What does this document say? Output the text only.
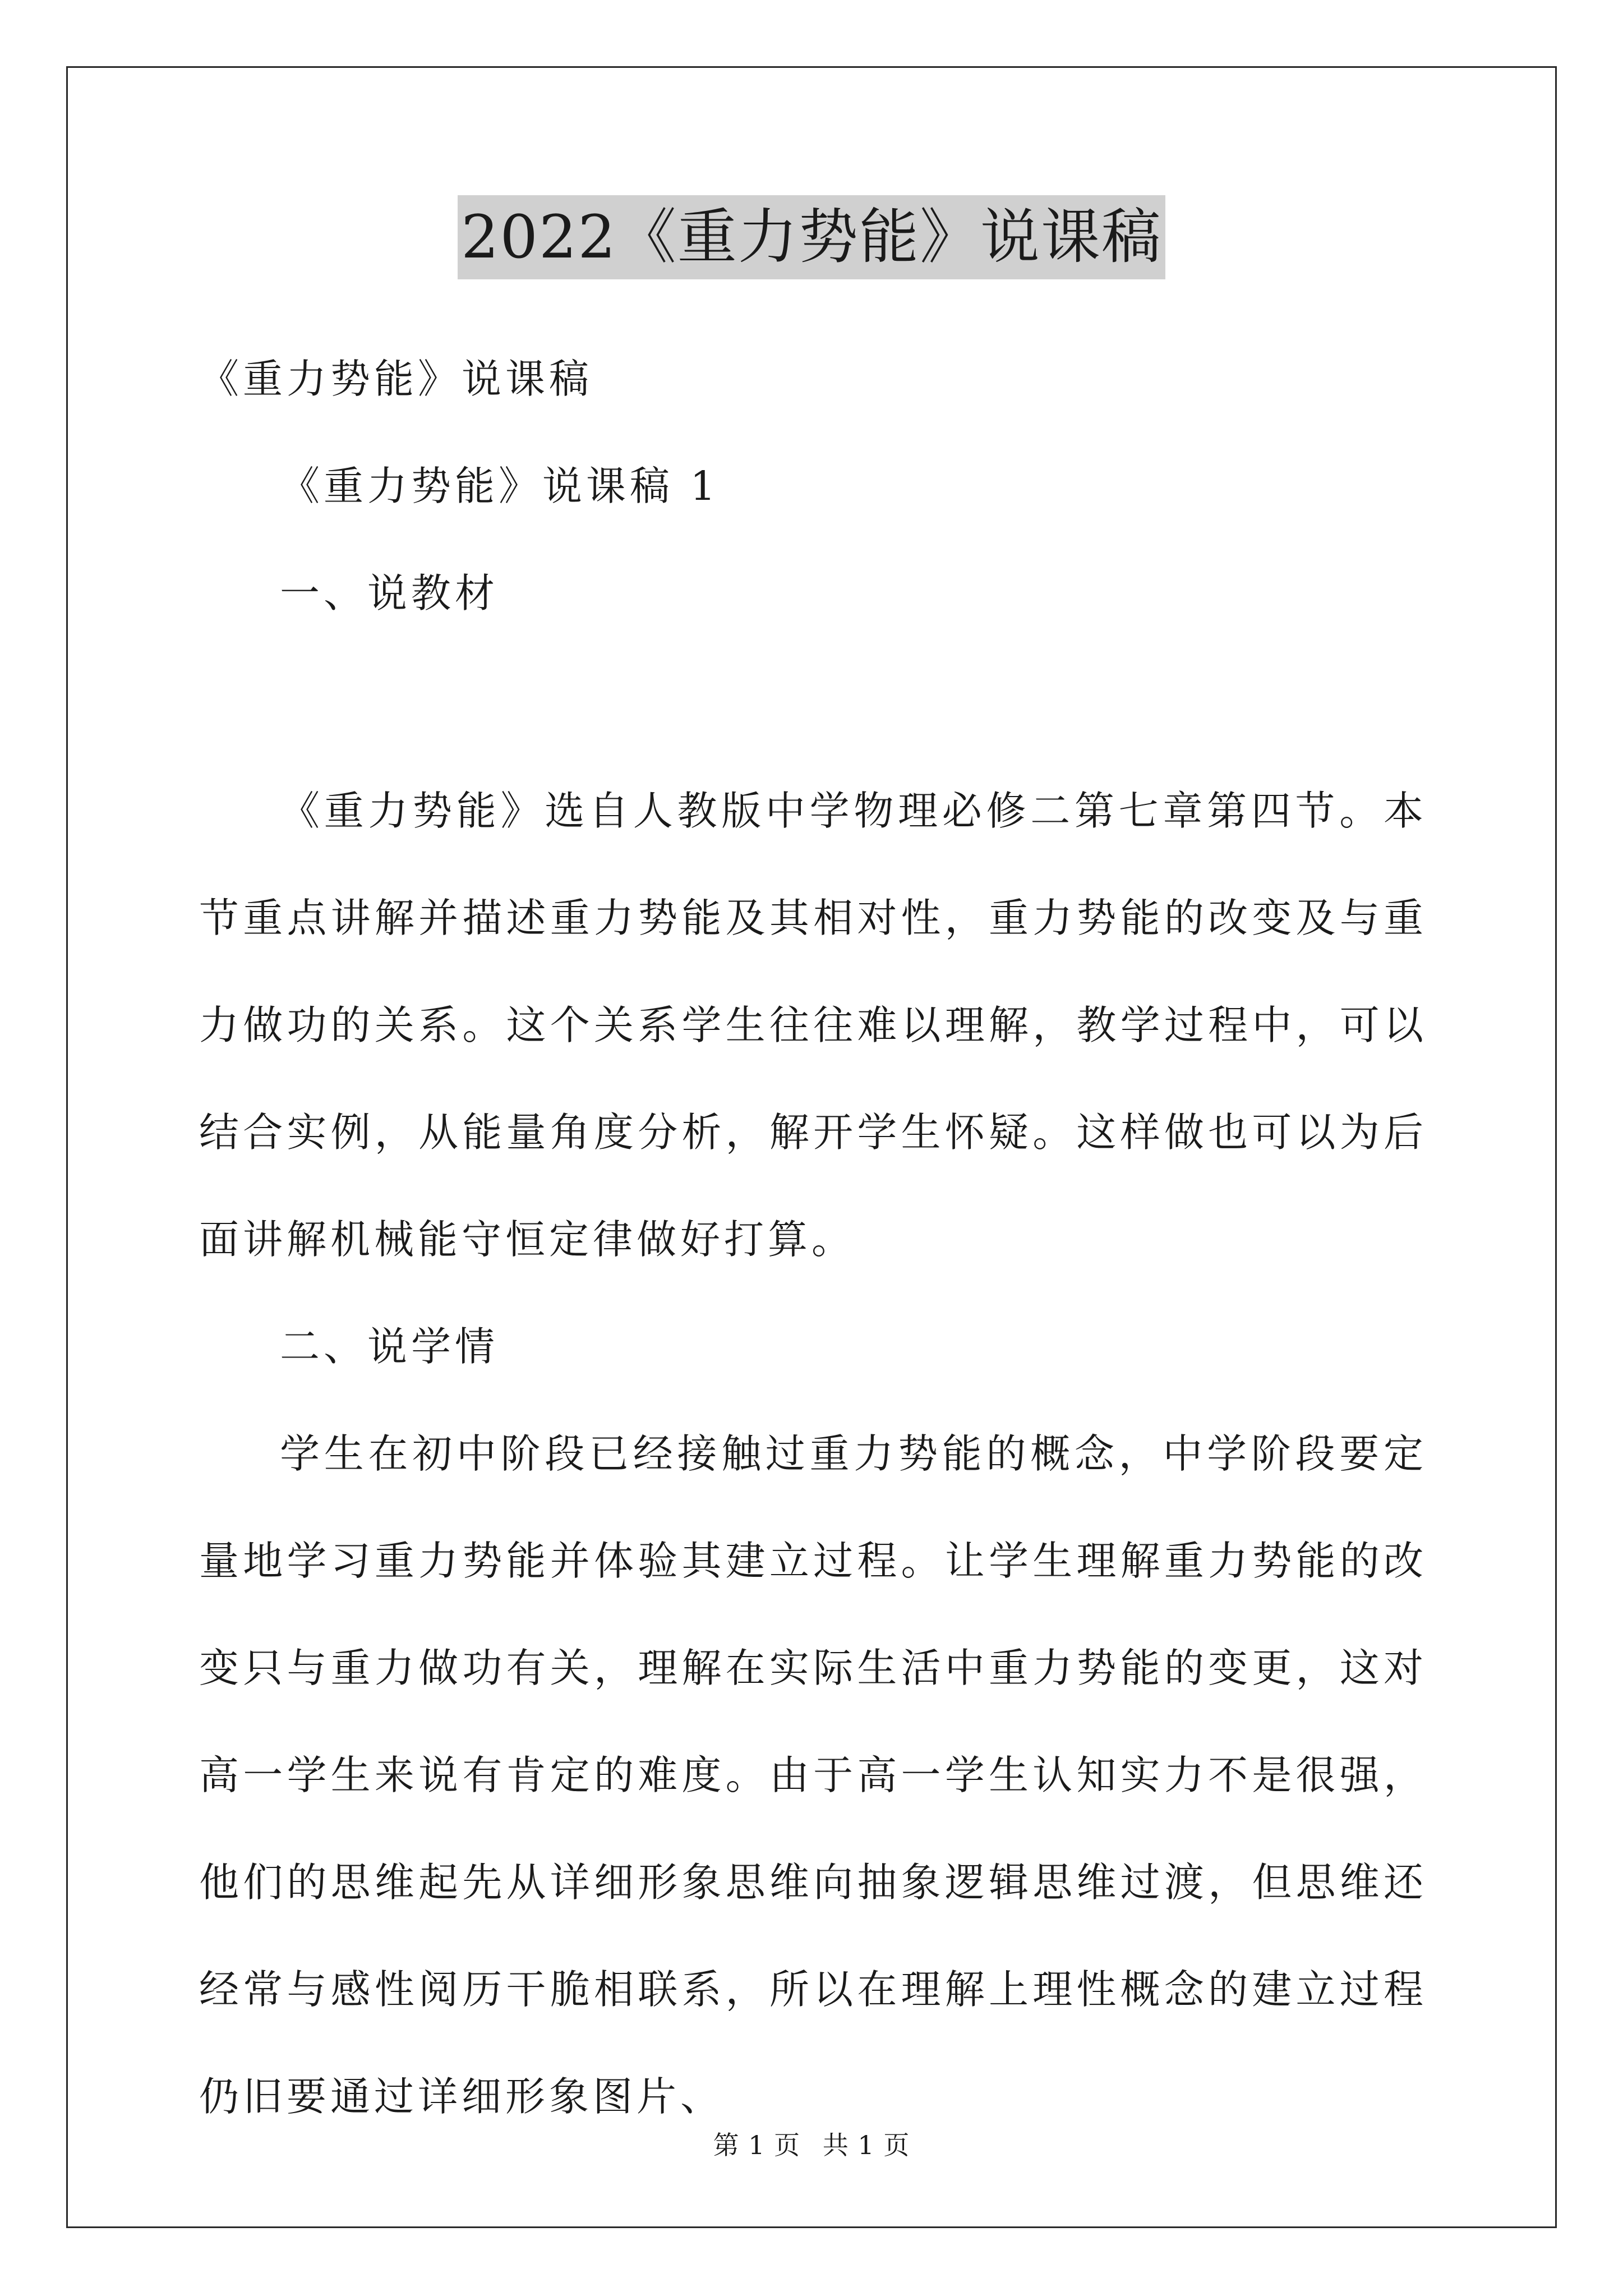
2022《重力势能》说课稿

《重力势能》说课稿

《重力势能》说课稿 1

一、说教材

《重力势能》选自人教版中学物理必修二第七章第四节。本节重点讲解并描述重力势能及其相对性，重力势能的改变及与重力做功的关系。这个关系学生往往难以理解，教学过程中，可以结合实例，从能量角度分析，解开学生怀疑。这样做也可以为后面讲解机械能守恒定律做好打算。

二、说学情

学生在初中阶段已经接触过重力势能的概念，中学阶段要定量地学习重力势能并体验其建立过程。让学生理解重力势能的改变只与重力做功有关，理解在实际生活中重力势能的变更，这对高一学生来说有肯定的难度。由于高一学生认知实力不是很强，他们的思维起先从详细形象思维向抽象逻辑思维过渡，但思维还经常与感性阅历干脆相联系，所以在理解上理性概念的建立过程仍旧要通过详细形象图片、

第 1 页 共 1 页
